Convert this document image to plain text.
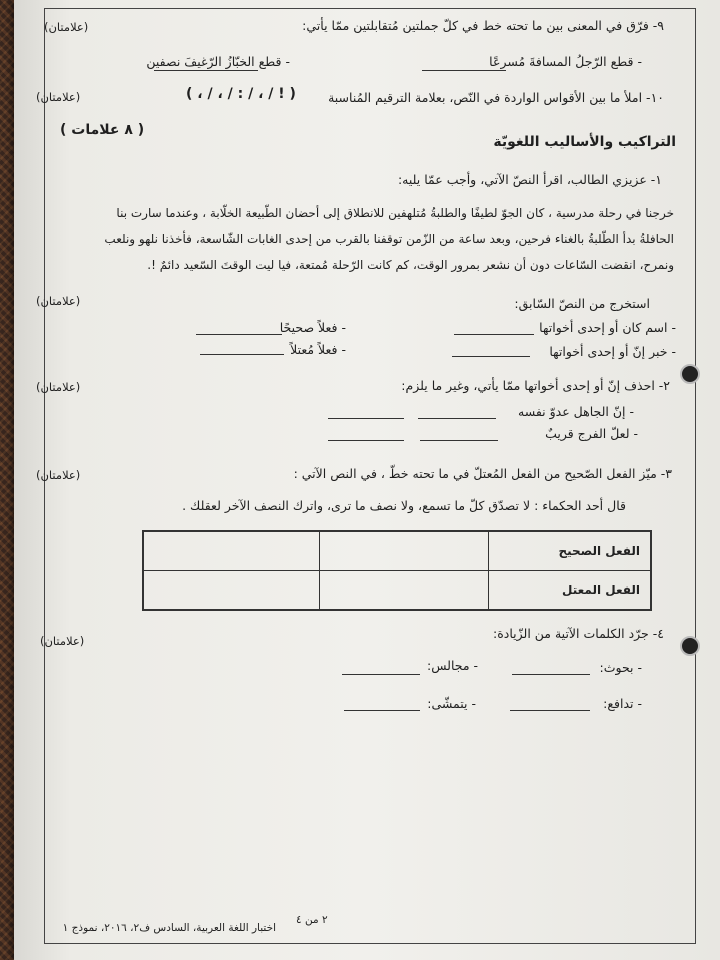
(علامتان)	٩- فرّق في المعنى بين ما تحته خط في كلّ جملتين مُتقابلتين ممّا يأتي:
- قطع الرّجلُ المسافةَ مُسرعًا
- قطع الخبّازُ الرّغيفَ نصفين
(علامتان)	١٠- املأ ما بين الأقواس الواردة في النّص، بعلامة الترقيم المُناسبة
( ، / ، / : / ، / ! )
( ٨ علامات )
التراكيب والأساليب اللغويّة
١- عزيزي الطالب، اقرأ النصّ الآتي، وأجب عمّا يليه:
خرجنا في رحلة مدرسية ، كان الجوّ لطيفًا والطلبةُ مُتلهفين للانطلاق إلى أحضان الطّبيعة الخلّابة ، وعندما سارت بنا
الحافلةُ بدأ الطّلبةُ بالغناء فرحين، وبعد ساعة من الزّمن توقفنا بالقرب من إحدى الغابات الشّاسعة، فأخذنا نلهو ونلعب
ونمرح، انقضت السّاعات دون أن نشعر بمرور الوقت، كم كانت الرّحلة مُمتعة، فيا ليت الوقتَ السّعيد دائمٌ !.
(علامتان)	استخرج من النصّ السّابق:
- اسم كان أو إحدى أخواتها
- فعلاً صحيحًا
- خبر إنّ أو إحدى أخواتها
- فعلاً مُعتلاً
(علامتان)	٢- احذف إنّ أو إحدى أخواتها ممّا يأتي، وغير ما يلزم:
- إنّ الجاهل عدوّ نفسه
- لعلّ الفرج قريبٌ
(علامتان)	٣- ميّز الفعل الصّحيح من الفعل المُعتلّ في ما تحته خطّ ، في النص الآتي :
قال أحد الحكماء : لا تصدّق كلّ ما تسمع، ولا نصف ما ترى، واترك النصف الآخر لعقلك .
		الفعل الصحيح
		الفعل المعتل
(علامتان)	٤- جرّد الكلمات الآتية من الزّيادة:
- بحوث:
- مجالس:
- تدافع:
- يتمشّى:
٢ من ٤
اختبار اللغة العربية، السادس ف٢، ٢٠١٦، نموذج ١
